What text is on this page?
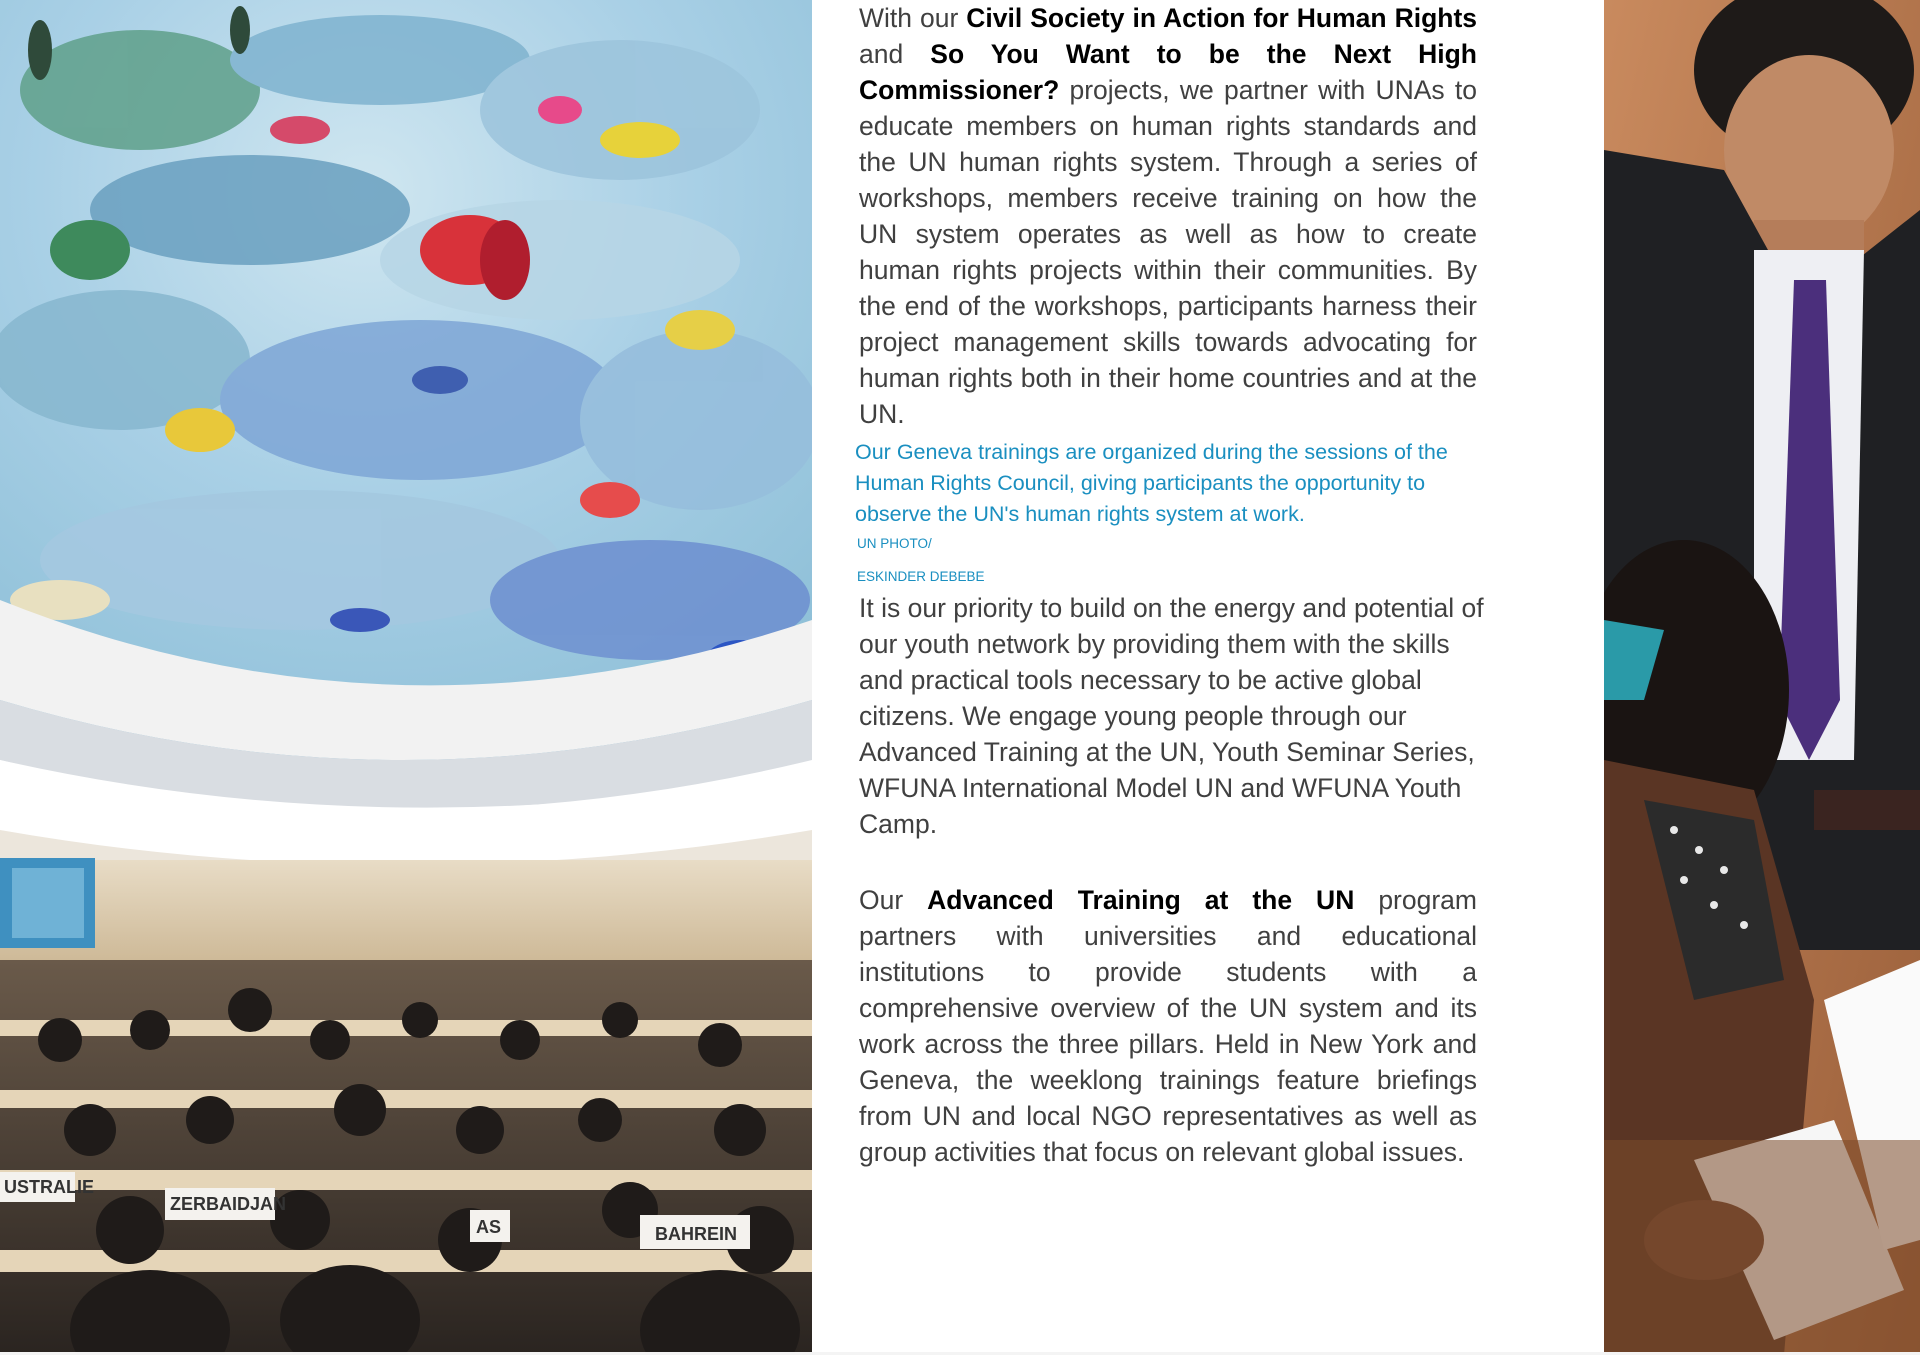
USTRALIE
ZERBAIDJAN
AS	BAHREIN

With our Civil Society in Action for Human Rights and So You Want to be the Next High Commissioner? projects, we partner with UNAs to educate members on human rights standards and the UN human rights system. Through a series of workshops, members receive training on how the UN system operates as well as how to create human rights projects within their communities. By the end of the workshops, participants harness their project management skills towards advocating for human rights both in their home countries and at the UN.

Our Geneva trainings are organized during the sessions of the Human Rights Council, giving participants the opportunity to observe the UN's human rights system at work.

UN PHOTO/

ESKINDER DEBEBE

It is our priority to build on the energy and potential of our youth network by providing them with the skills and practical tools necessary to be active global citizens. We engage young people through our Advanced Training at the UN, Youth Seminar Series, WFUNA International Model UN and WFUNA Youth Camp.

Our Advanced Training at the UN program partners with universities and educational institutions to provide students with a comprehensive overview of the UN system and its work across the three pillars. Held in New York and Geneva, the weeklong trainings feature briefings from UN and local NGO representatives as well as group activities that focus on relevant global issues.
